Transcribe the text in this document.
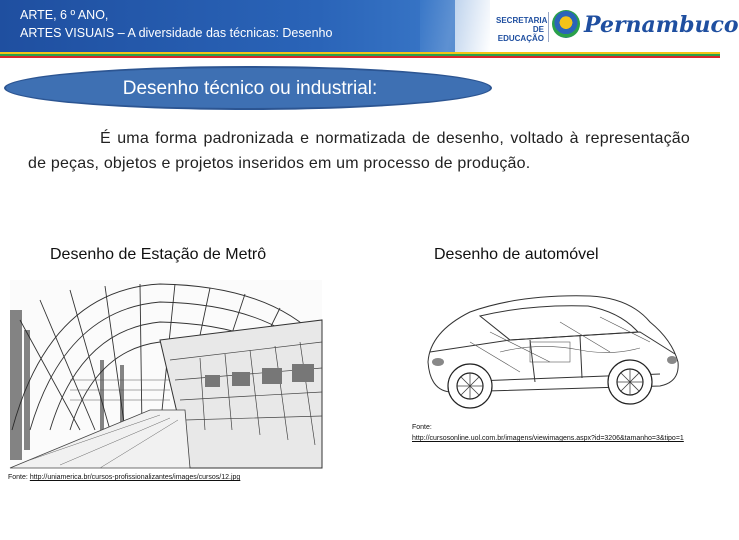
ARTE, 6 º ANO,
ARTES VISUAIS – A diversidade das técnicas: Desenho
SECRETARIA DE EDUCAÇÃO
Pernambuco
Desenho técnico ou industrial:
É uma forma padronizada e normatizada de desenho, voltado à representação de peças, objetos e projetos inseridos em um processo de produção.
Desenho de Estação de Metrô	Desenho de automóvel
Fonte:
http://cursosonline.uol.com.br/imagens/viewimagens.aspx?id=3206&tamanho=3&tipo=1
Fonte: http://uniamerica.br/cursos-profissionalizantes/images/cursos/12.jpg
